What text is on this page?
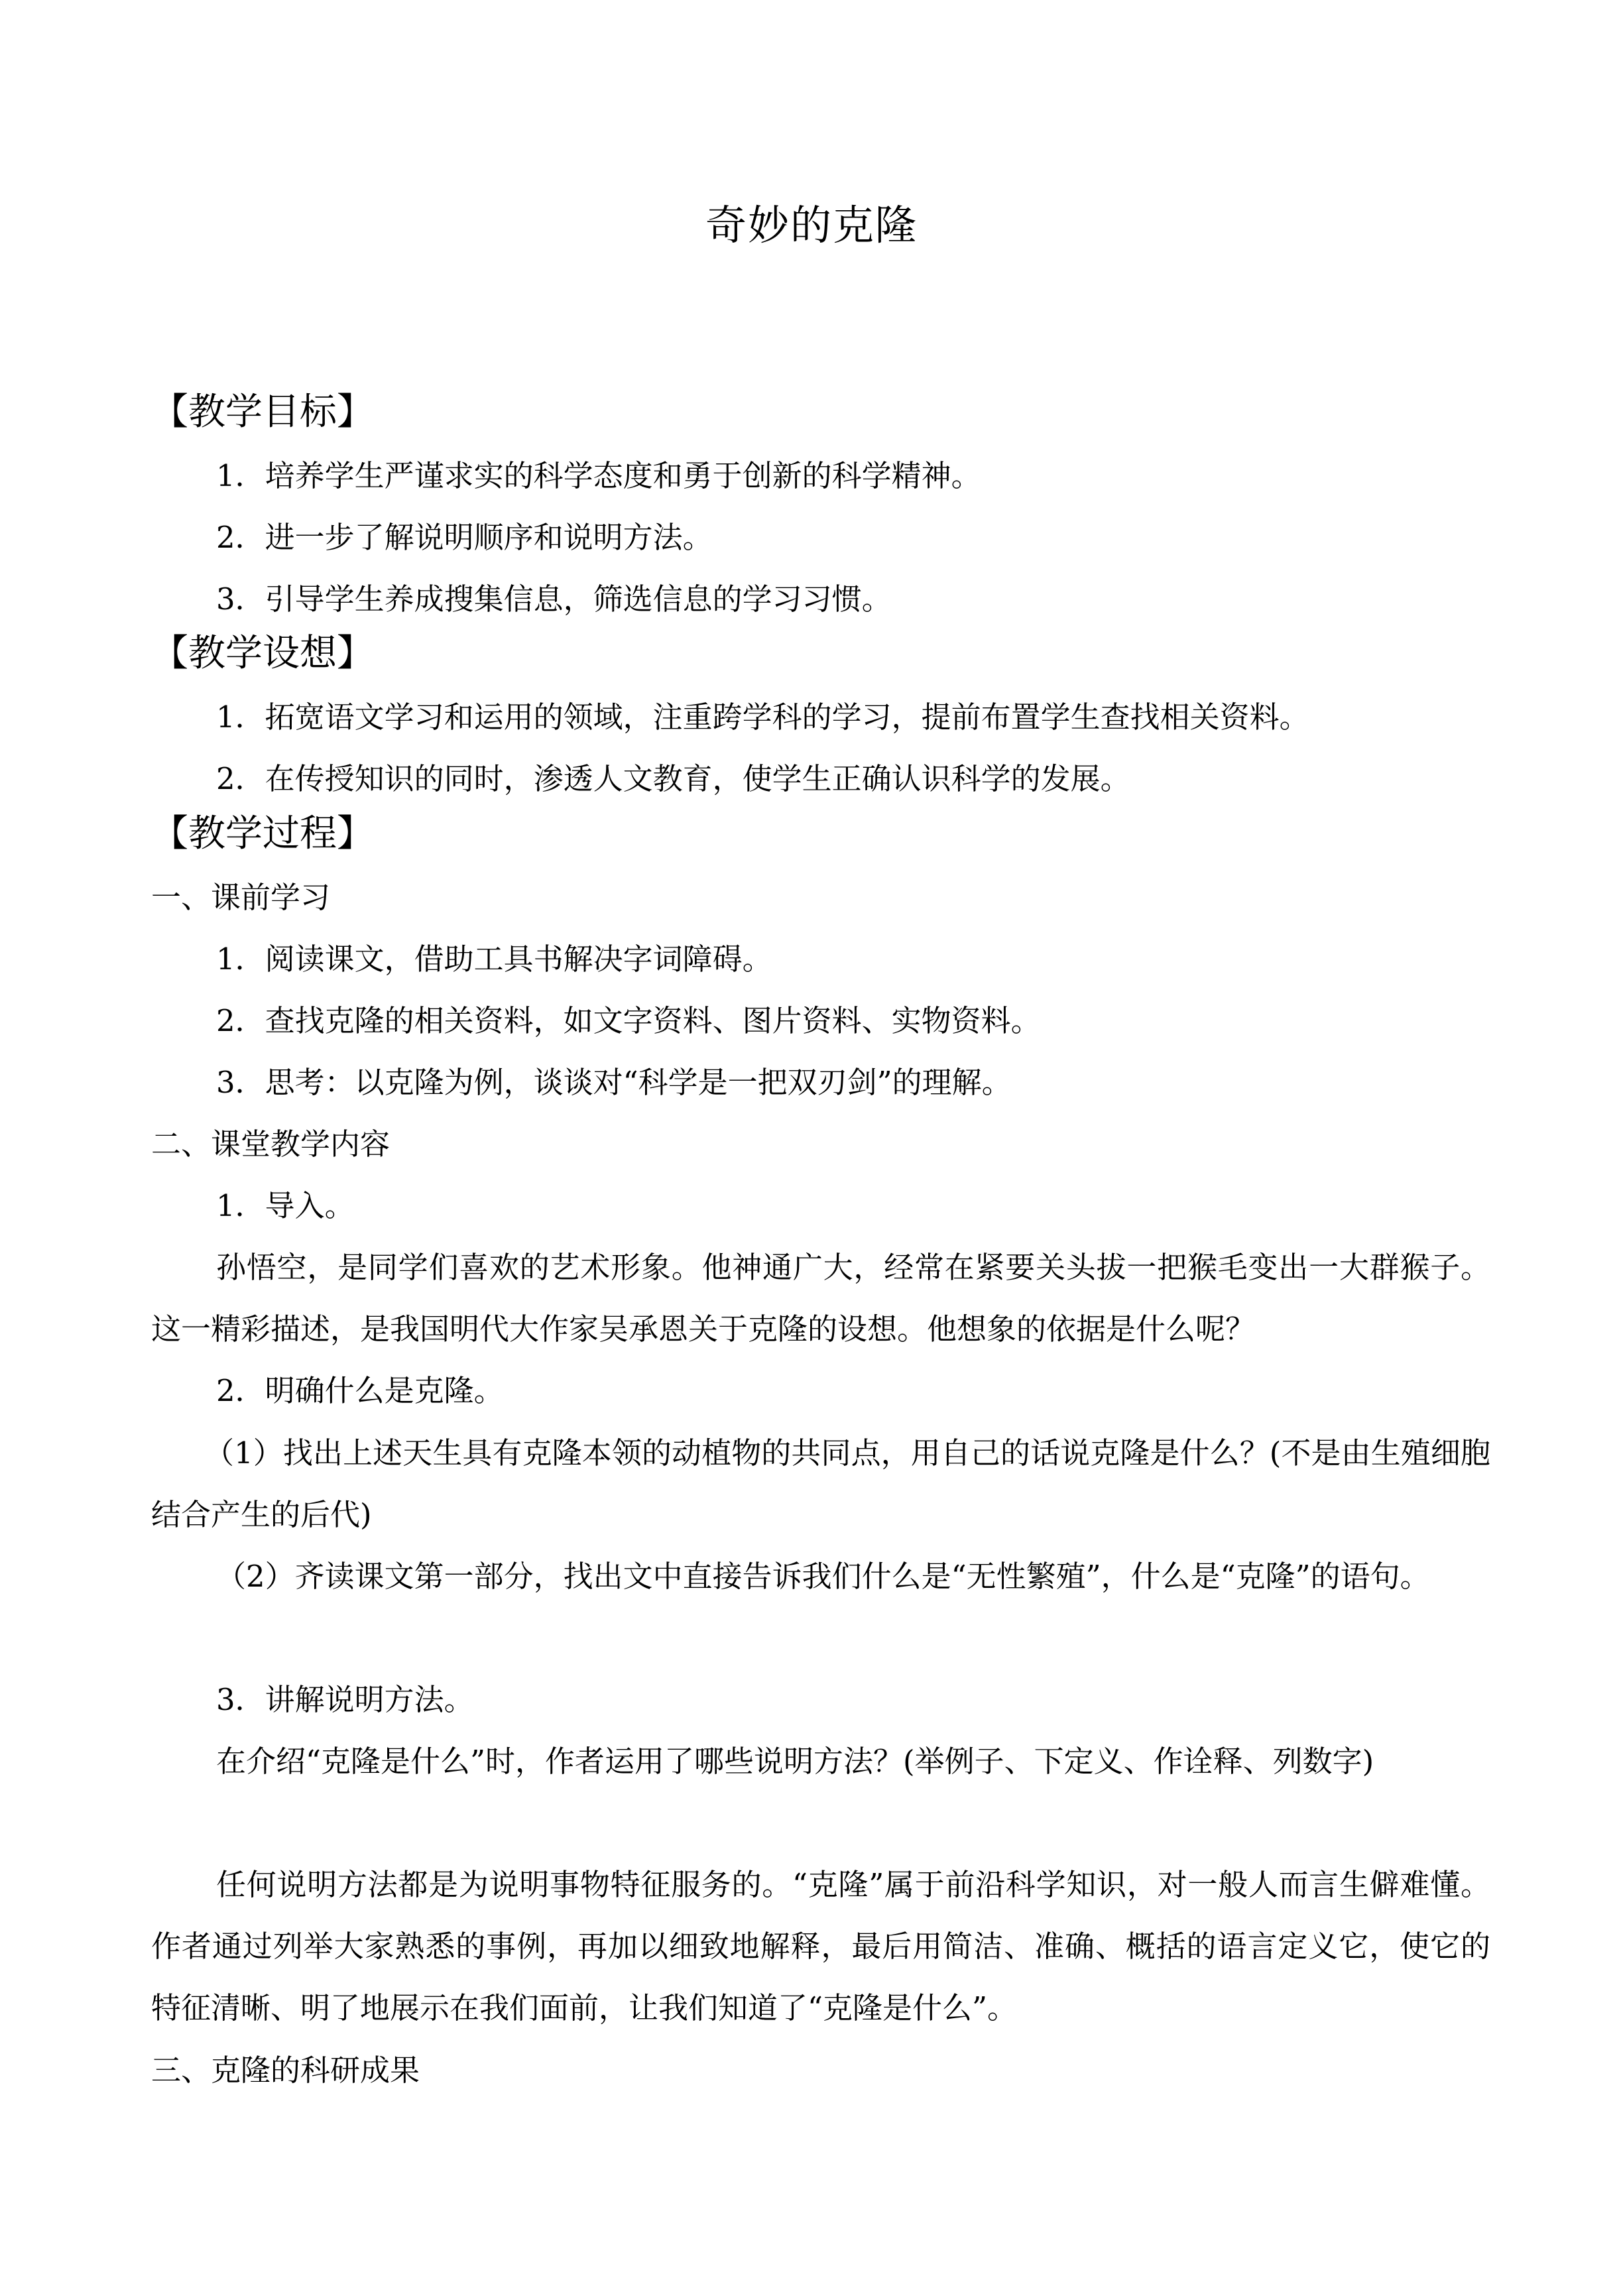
奇妙的克隆
【教学目标】
1．培养学生严谨求实的科学态度和勇于创新的科学精神。
2．进一步了解说明顺序和说明方法。
3．引导学生养成搜集信息，筛选信息的学习习惯。
【教学设想】
1．拓宽语文学习和运用的领域，注重跨学科的学习，提前布置学生查找相关资料。
2．在传授知识的同时，渗透人文教育，使学生正确认识科学的发展。
【教学过程】
一、课前学习
1．阅读课文，借助工具书解决字词障碍。
2．查找克隆的相关资料，如文字资料、图片资料、实物资料。
3．思考：以克隆为例，谈谈对“科学是一把双刃剑”的理解。
二、课堂教学内容
1．导入。
孙悟空，是同学们喜欢的艺术形象。他神通广大，经常在紧要关头拔一把猴毛变出一大群猴子。这一精彩描述，是我国明代大作家吴承恩关于克隆的设想。他想象的依据是什么呢？
2．明确什么是克隆。
（1）找出上述天生具有克隆本领的动植物的共同点，用自己的话说克隆是什么？(不是由生殖细胞结合产生的后代)
（2）齐读课文第一部分，找出文中直接告诉我们什么是“无性繁殖”，什么是“克隆”的语句。
3．讲解说明方法。
在介绍“克隆是什么”时，作者运用了哪些说明方法？(举例子、下定义、作诠释、列数字)
任何说明方法都是为说明事物特征服务的。“克隆”属于前沿科学知识，对一般人而言生僻难懂。作者通过列举大家熟悉的事例，再加以细致地解释，最后用简洁、准确、概括的语言定义它，使它的特征清晰、明了地展示在我们面前，让我们知道了“克隆是什么”。
三、克隆的科研成果
